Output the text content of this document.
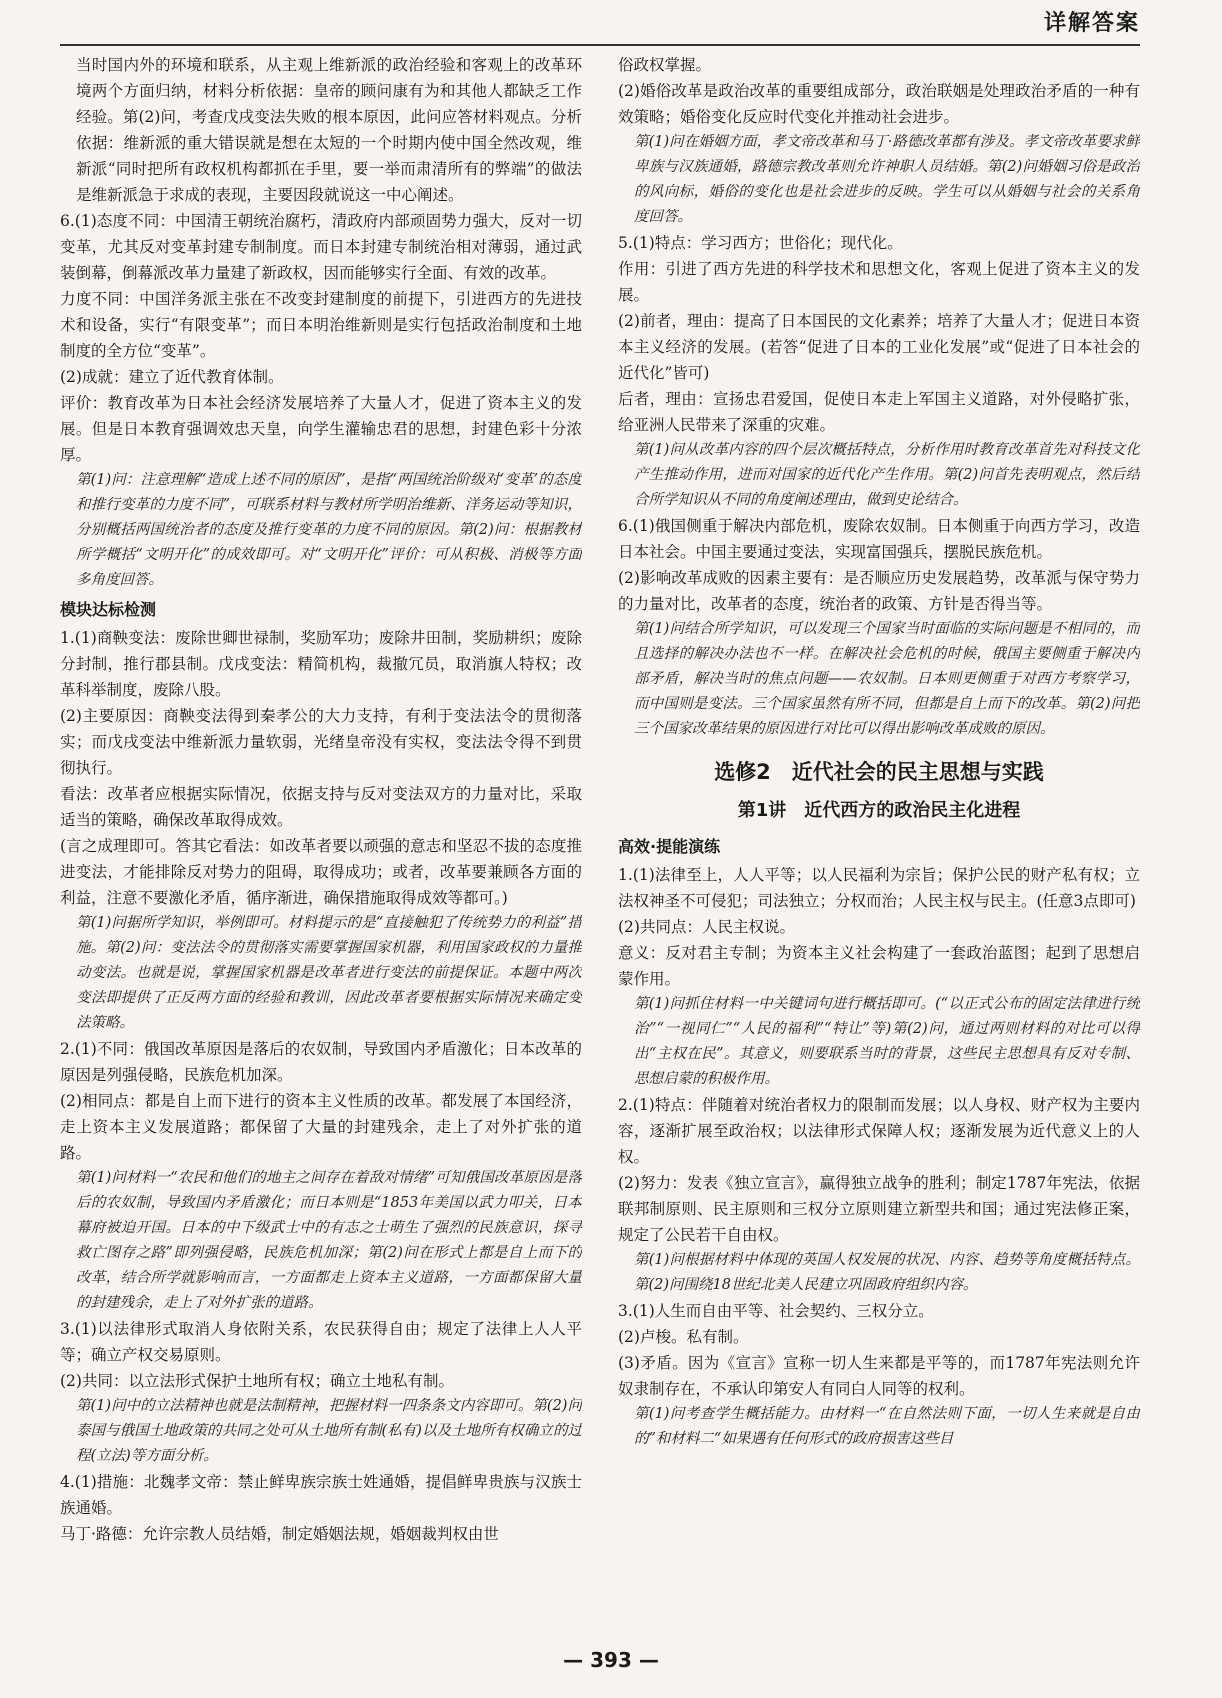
详解答案

当时国内外的环境和联系，从主观上维新派的政治经验和客观上的改革环境两个方面归纳，材料分析依据：皇帝的顾问康有为和其他人都缺乏工作经验。第(2)问，考查戊戌变法失败的根本原因，此问应答材料观点。分析依据：维新派的重大错误就是想在太短的一个时期内使中国全然改观，维新派“同时把所有政权机构都抓在手里，要一举而肃清所有的弊端”的做法是维新派急于求成的表现，主要因段就说这一中心阐述。

6.(1)态度不同：中国清王朝统治腐朽，清政府内部顽固势力强大，反对一切变革，尤其反对变革封建专制制度。而日本封建专制统治相对薄弱，通过武装倒幕，倒幕派改革力量建了新政权，因而能够实行全面、有效的改革。

力度不同：中国洋务派主张在不改变封建制度的前提下，引进西方的先进技术和设备，实行“有限变革”；而日本明治维新则是实行包括政治制度和土地制度的全方位“变革”。

(2)成就：建立了近代教育体制。

评价：教育改革为日本社会经济发展培养了大量人才，促进了资本主义的发展。但是日本教育强调效忠天皇，向学生灌输忠君的思想，封建色彩十分浓厚。

第(1)问：注意理解“造成上述不同的原因”，是指“两国统治阶级对‘变革’的态度和推行变革的力度不同”，可联系材料与教材所学明治维新、洋务运动等知识，分别概括两国统治者的态度及推行变革的力度不同的原因。第(2)问：根据教材所学概括“文明开化”的成效即可。对“文明开化”评价：可从积极、消极等方面多角度回答。

模块达标检测

1.(1)商鞅变法：废除世卿世禄制，奖励军功；废除井田制，奖励耕织；废除分封制，推行郡县制。戊戌变法：精简机构，裁撤冗员，取消旗人特权；改革科举制度，废除八股。

(2)主要原因：商鞅变法得到秦孝公的大力支持，有利于变法法令的贯彻落实；而戊戌变法中维新派力量软弱，光绪皇帝没有实权，变法法令得不到贯彻执行。

看法：改革者应根据实际情况，依据支持与反对变法双方的力量对比，采取适当的策略，确保改革取得成效。

(言之成理即可。答其它看法：如改革者要以顽强的意志和坚忍不拔的态度推进变法，才能排除反对势力的阻碍，取得成功；或者，改革要兼顾各方面的利益，注意不要激化矛盾，循序渐进，确保措施取得成效等都可。)

第(1)问据所学知识，举例即可。材料提示的是“直接触犯了传统势力的利益”措施。第(2)问：变法法令的贯彻落实需要掌握国家机器，利用国家政权的力量推动变法。也就是说，掌握国家机器是改革者进行变法的前提保证。本题中两次变法即提供了正反两方面的经验和教训，因此改革者要根据实际情况来确定变法策略。

2.(1)不同：俄国改革原因是落后的农奴制，导致国内矛盾激化；日本改革的原因是列强侵略，民族危机加深。

(2)相同点：都是自上而下进行的资本主义性质的改革。都发展了本国经济，走上资本主义发展道路；都保留了大量的封建残余，走上了对外扩张的道路。

第(1)问材料一“农民和他们的地主之间存在着敌对情绪”可知俄国改革原因是落后的农奴制，导致国内矛盾激化；而日本则是“1853年美国以武力叩关，日本幕府被迫开国。日本的中下级武士中的有志之士萌生了强烈的民族意识，探寻救亡图存之路”即列强侵略，民族危机加深；第(2)问在形式上都是自上而下的改革，结合所学就影响而言，一方面都走上资本主义道路，一方面都保留大量的封建残余，走上了对外扩张的道路。

3.(1)以法律形式取消人身依附关系，农民获得自由；规定了法律上人人平等；确立产权交易原则。

(2)共同：以立法形式保护土地所有权；确立土地私有制。

第(1)问中的立法精神也就是法制精神，把握材料一四条条文内容即可。第(2)问泰国与俄国土地政策的共同之处可从土地所有制(私有)以及土地所有权确立的过程(立法)等方面分析。

4.(1)措施：北魏孝文帝：禁止鲜卑族宗族士姓通婚，提倡鲜卑贵族与汉族士族通婚。

马丁·路德：允许宗教人员结婚，制定婚姻法规，婚姻裁判权由世

俗政权掌握。

(2)婚俗改革是政治改革的重要组成部分，政治联姻是处理政治矛盾的一种有效策略；婚俗变化反应时代变化并推动社会进步。

第(1)问在婚姻方面，孝文帝改革和马丁·路德改革都有涉及。孝文帝改革要求鲜卑族与汉族通婚，路德宗教改革则允许神职人员结婚。第(2)问婚姻习俗是政治的风向标，婚俗的变化也是社会进步的反映。学生可以从婚姻与社会的关系角度回答。

5.(1)特点：学习西方；世俗化；现代化。

作用：引进了西方先进的科学技术和思想文化，客观上促进了资本主义的发展。

(2)前者，理由：提高了日本国民的文化素养；培养了大量人才；促进日本资本主义经济的发展。(若答“促进了日本的工业化发展”或“促进了日本社会的近代化”皆可)

后者，理由：宣扬忠君爱国，促使日本走上军国主义道路，对外侵略扩张，给亚洲人民带来了深重的灾难。

第(1)问从改革内容的四个层次概括特点，分析作用时教育改革首先对科技文化产生推动作用，进而对国家的近代化产生作用。第(2)问首先表明观点，然后结合所学知识从不同的角度阐述理由，做到史论结合。

6.(1)俄国侧重于解决内部危机，废除农奴制。日本侧重于向西方学习，改造日本社会。中国主要通过变法，实现富国强兵，摆脱民族危机。

(2)影响改革成败的因素主要有：是否顺应历史发展趋势，改革派与保守势力的力量对比，改革者的态度，统治者的政策、方针是否得当等。

第(1)问结合所学知识，可以发现三个国家当时面临的实际问题是不相同的，而且选择的解决办法也不一样。在解决社会危机的时候，俄国主要侧重于解决内部矛盾，解决当时的焦点问题——农奴制。日本则更侧重于对西方考察学习，而中国则是变法。三个国家虽然有所不同，但都是自上而下的改革。第(2)问把三个国家改革结果的原因进行对比可以得出影响改革成败的原因。

选修2　近代社会的民主思想与实践
第1讲　近代西方的政治民主化进程
高效·提能演练

1.(1)法律至上，人人平等；以人民福利为宗旨；保护公民的财产私有权；立法权神圣不可侵犯；司法独立；分权而治；人民主权与民主。(任意3点即可)

(2)共同点：人民主权说。

意义：反对君主专制；为资本主义社会构建了一套政治蓝图；起到了思想启蒙作用。

第(1)问抓住材料一中关键词句进行概括即可。(“以正式公布的固定法律进行统治”“一视同仁”“人民的福利”“特让”等)第(2)问，通过两则材料的对比可以得出“主权在民”。其意义，则要联系当时的背景，这些民主思想具有反对专制、思想启蒙的积极作用。

2.(1)特点：伴随着对统治者权力的限制而发展；以人身权、财产权为主要内容，逐渐扩展至政治权；以法律形式保障人权；逐渐发展为近代意义上的人权。

(2)努力：发表《独立宣言》，赢得独立战争的胜利；制定1787年宪法，依据联邦制原则、民主原则和三权分立原则建立新型共和国；通过宪法修正案，规定了公民若干自由权。

第(1)问根据材料中体现的英国人权发展的状况、内容、趋势等角度概括特点。第(2)问围绕18世纪北美人民建立巩固政府组织内容。

3.(1)人生而自由平等、社会契约、三权分立。

(2)卢梭。私有制。

(3)矛盾。因为《宣言》宣称一切人生来都是平等的，而1787年宪法则允许奴隶制存在，不承认印第安人有同白人同等的权利。

第(1)问考查学生概括能力。由材料一“在自然法则下面，一切人生来就是自由的”和材料二“如果遇有任何形式的政府损害这些目

— 393 —
